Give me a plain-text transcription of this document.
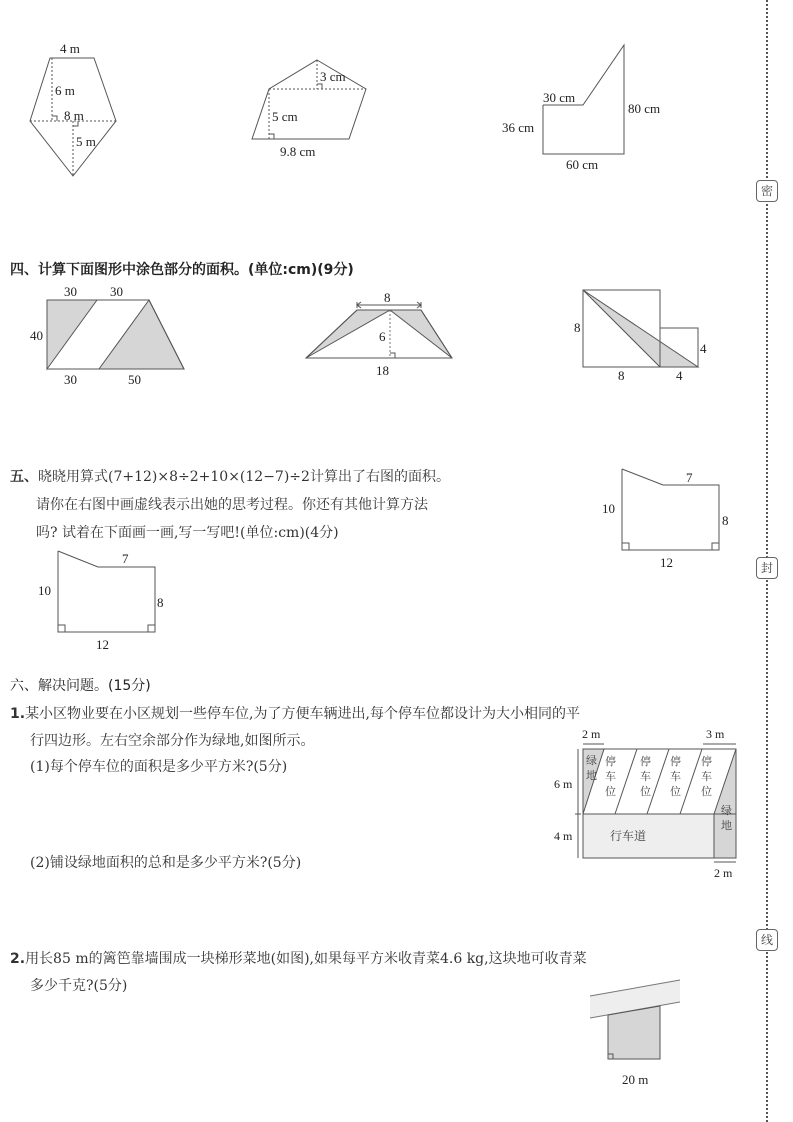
4 m
6 m
8 m
5 m
3 cm
5 cm
9.8 cm
30 cm
36 cm
80 cm
60 cm
四、计算下面图形中涂色部分的面积。(单位:cm)(9分)
30	30
40
30	50
8
6
18
8
8
4
4
五、晓晓用算式(7+12)×8÷2+10×(12−7)÷2计算出了右图的面积。
请你在右图中画虚线表示出她的思考过程。你还有其他计算方法
吗? 试着在下面画一画,写一写吧!(单位:cm)(4分)
7
10
8
12
7
10
8
12
六、解决问题。(15分)
1.某小区物业要在小区规划一些停车位,为了方便车辆进出,每个停车位都设计为大小相同的平
行四边形。左右空余部分作为绿地,如图所示。
(1)每个停车位的面积是多少平方米?(5分)
(2)铺设绿地面积的总和是多少平方米?(5分)
2 m	3 m
6 m
4 m
2 m
绿地
绿地
停车位
停车位
停车位
停车位
行车道
2.用长85 m的篱笆靠墙围成一块梯形菜地(如图),如果每平方米收青菜4.6 kg,这块地可收青菜
多少千克?(5分)
20 m
密
封
线
